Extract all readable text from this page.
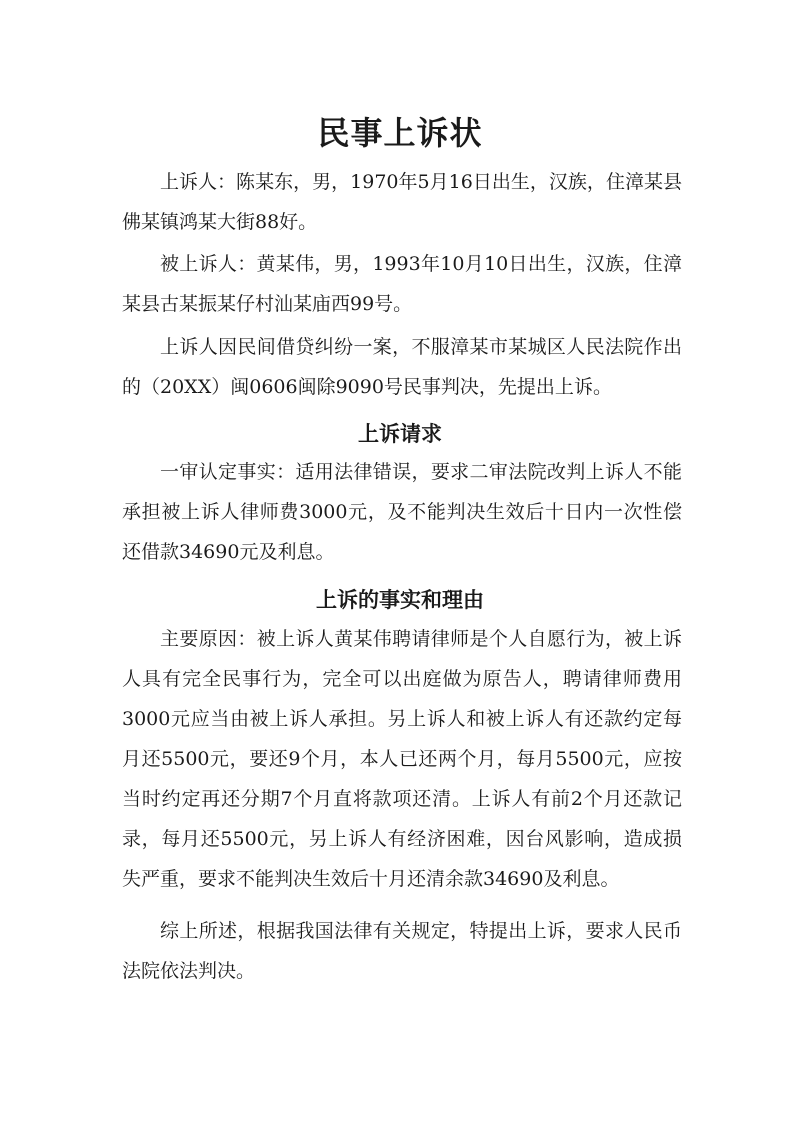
民事上诉状

上诉人：陈某东，男，1970年5月16日出生，汉族，住漳某县佛某镇鸿某大街88好。

被上诉人：黄某伟，男，1993年10月10日出生，汉族，住漳某县古某振某仔村汕某庙西99号。

上诉人因民间借贷纠纷一案，不服漳某市某城区人民法院作出的（20XX）闽0606闽除9090号民事判决，先提出上诉。

上诉请求

一审认定事实：适用法律错误，要求二审法院改判上诉人不能承担被上诉人律师费3000元，及不能判决生效后十日内一次性偿还借款34690元及利息。

上诉的事实和理由

主要原因：被上诉人黄某伟聘请律师是个人自愿行为，被上诉人具有完全民事行为，完全可以出庭做为原告人，聘请律师费用3000元应当由被上诉人承担。另上诉人和被上诉人有还款约定每月还5500元，要还9个月，本人已还两个月，每月5500元，应按当时约定再还分期7个月直将款项还清。上诉人有前2个月还款记录，每月还5500元，另上诉人有经济困难，因台风影响，造成损失严重，要求不能判决生效后十月还清余款34690及利息。

综上所述，根据我国法律有关规定，特提出上诉，要求人民币法院依法判决。
